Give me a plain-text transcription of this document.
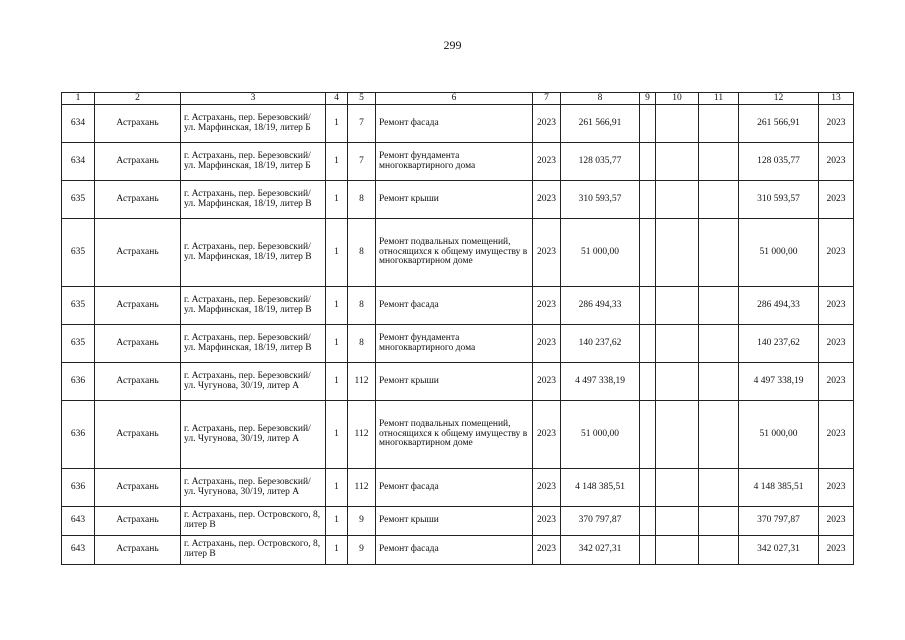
299
1	2	3	4	5	6	7	8	9	10	11	12	13
634	Астрахань	г. Астрахань, пер. Березовский/ ул. Марфинская, 18/19, литер Б	1	7	Ремонт фасада	2023	261 566,91				261 566,91	2023
634	Астрахань	г. Астрахань, пер. Березовский/ ул. Марфинская, 18/19, литер Б	1	7	Ремонт фундамента многоквартирного дома	2023	128 035,77				128 035,77	2023
635	Астрахань	г. Астрахань, пер. Березовский/ ул. Марфинская, 18/19, литер В	1	8	Ремонт крыши	2023	310 593,57				310 593,57	2023
635	Астрахань	г. Астрахань, пер. Березовский/ ул. Марфинская, 18/19, литер В	1	8	Ремонт подвальных помещений, относящихся к общему имуществу в многоквартирном доме	2023	51 000,00				51 000,00	2023
635	Астрахань	г. Астрахань, пер. Березовский/ ул. Марфинская, 18/19, литер В	1	8	Ремонт фасада	2023	286 494,33				286 494,33	2023
635	Астрахань	г. Астрахань, пер. Березовский/ ул. Марфинская, 18/19, литер В	1	8	Ремонт фундамента многоквартирного дома	2023	140 237,62				140 237,62	2023
636	Астрахань	г. Астрахань, пер. Березовский/ ул. Чугунова, 30/19, литер А	1	112	Ремонт крыши	2023	4 497 338,19				4 497 338,19	2023
636	Астрахань	г. Астрахань, пер. Березовский/ ул. Чугунова, 30/19, литер А	1	112	Ремонт подвальных помещений, относящихся к общему имуществу в многоквартирном доме	2023	51 000,00				51 000,00	2023
636	Астрахань	г. Астрахань, пер. Березовский/ ул. Чугунова, 30/19, литер А	1	112	Ремонт фасада	2023	4 148 385,51				4 148 385,51	2023
643	Астрахань	г. Астрахань, пер. Островского, 8, литер В	1	9	Ремонт крыши	2023	370 797,87				370 797,87	2023
643	Астрахань	г. Астрахань, пер. Островского, 8, литер В	1	9	Ремонт фасада	2023	342 027,31				342 027,31	2023
